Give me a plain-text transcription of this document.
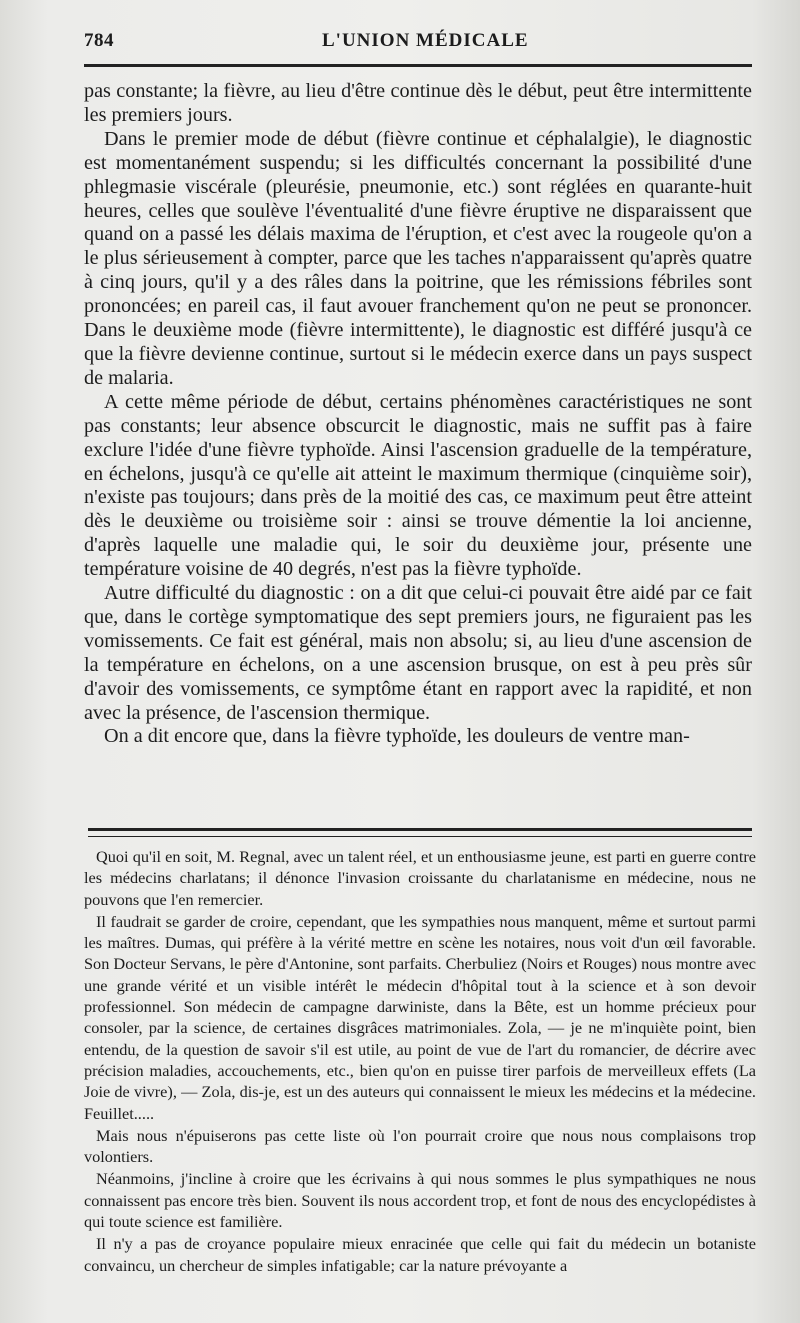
784	L'UNION MÉDICALE

pas constante; la fièvre, au lieu d'être continue dès le début, peut être intermittente les premiers jours.

Dans le premier mode de début (fièvre continue et céphalalgie), le diagnostic est momentanément suspendu; si les difficultés concernant la possibilité d'une phlegmasie viscérale (pleurésie, pneumonie, etc.) sont réglées en quarante-huit heures, celles que soulève l'éventualité d'une fièvre éruptive ne disparaissent que quand on a passé les délais maxima de l'éruption, et c'est avec la rougeole qu'on a le plus sérieusement à compter, parce que les taches n'apparaissent qu'après quatre à cinq jours, qu'il y a des râles dans la poitrine, que les rémissions fébriles sont prononcées; en pareil cas, il faut avouer franchement qu'on ne peut se prononcer. Dans le deuxième mode (fièvre intermittente), le diagnostic est différé jusqu'à ce que la fièvre devienne continue, surtout si le médecin exerce dans un pays suspect de malaria.

A cette même période de début, certains phénomènes caractéristiques ne sont pas constants; leur absence obscurcit le diagnostic, mais ne suffit pas à faire exclure l'idée d'une fièvre typhoïde. Ainsi l'ascension graduelle de la température, en échelons, jusqu'à ce qu'elle ait atteint le maximum thermique (cinquième soir), n'existe pas toujours; dans près de la moitié des cas, ce maximum peut être atteint dès le deuxième ou troisième soir : ainsi se trouve démentie la loi ancienne, d'après laquelle une maladie qui, le soir du deuxième jour, présente une température voisine de 40 degrés, n'est pas la fièvre typhoïde.

Autre difficulté du diagnostic : on a dit que celui-ci pouvait être aidé par ce fait que, dans le cortège symptomatique des sept premiers jours, ne figuraient pas les vomissements. Ce fait est général, mais non absolu; si, au lieu d'une ascension de la température en échelons, on a une ascension brusque, on est à peu près sûr d'avoir des vomissements, ce symptôme étant en rapport avec la rapidité, et non avec la présence, de l'ascension thermique.

On a dit encore que, dans la fièvre typhoïde, les douleurs de ventre man-

Quoi qu'il en soit, M. Regnal, avec un talent réel, et un enthousiasme jeune, est parti en guerre contre les médecins charlatans; il dénonce l'invasion croissante du charlatanisme en médecine, nous ne pouvons que l'en remercier.

Il faudrait se garder de croire, cependant, que les sympathies nous manquent, même et surtout parmi les maîtres. Dumas, qui préfère à la vérité mettre en scène les notaires, nous voit d'un œil favorable. Son Docteur Servans, le père d'Antonine, sont parfaits. Cherbuliez (Noirs et Rouges) nous montre avec une grande vérité et un visible intérêt le médecin d'hôpital tout à la science et à son devoir professionnel. Son médecin de campagne darwiniste, dans la Bête, est un homme précieux pour consoler, par la science, de certaines disgrâces matrimoniales. Zola, — je ne m'inquiète point, bien entendu, de la question de savoir s'il est utile, au point de vue de l'art du romancier, de décrire avec précision maladies, accouchements, etc., bien qu'on en puisse tirer parfois de merveilleux effets (La Joie de vivre), — Zola, dis-je, est un des auteurs qui connaissent le mieux les médecins et la médecine. Feuillet.....

Mais nous n'épuiserons pas cette liste où l'on pourrait croire que nous nous complaisons trop volontiers.

Néanmoins, j'incline à croire que les écrivains à qui nous sommes le plus sympathiques ne nous connaissent pas encore très bien. Souvent ils nous accordent trop, et font de nous des encyclopédistes à qui toute science est familière.

Il n'y a pas de croyance populaire mieux enracinée que celle qui fait du médecin un botaniste convaincu, un chercheur de simples infatigable; car la nature prévoyante a
